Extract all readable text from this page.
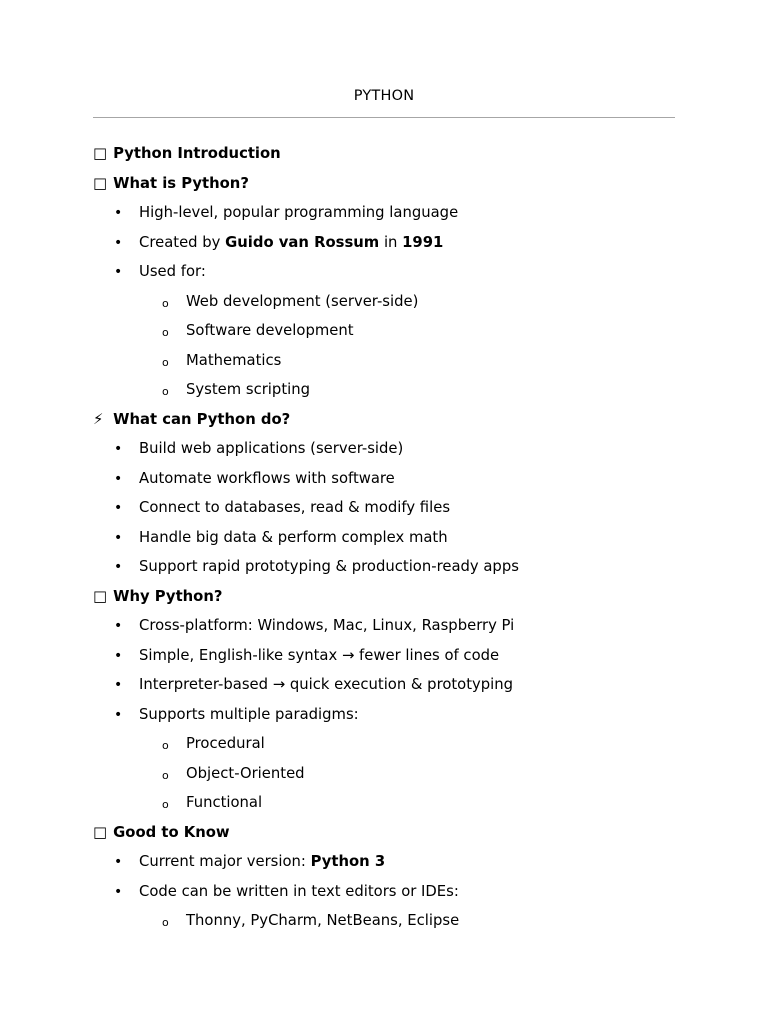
PYTHON
□ Python Introduction
□ What is Python?
• High-level, popular programming language
• Created by Guido van Rossum in 1991
• Used for:
o Web development (server-side)
o Software development
o Mathematics
o System scripting
⚡ What can Python do?
• Build web applications (server-side)
• Automate workflows with software
• Connect to databases, read & modify files
• Handle big data & perform complex math
• Support rapid prototyping & production-ready apps
□ Why Python?
• Cross-platform: Windows, Mac, Linux, Raspberry Pi
• Simple, English-like syntax → fewer lines of code
• Interpreter-based → quick execution & prototyping
• Supports multiple paradigms:
o Procedural
o Object-Oriented
o Functional
□ Good to Know
• Current major version: Python 3
• Code can be written in text editors or IDEs:
o Thonny, PyCharm, NetBeans, Eclipse
